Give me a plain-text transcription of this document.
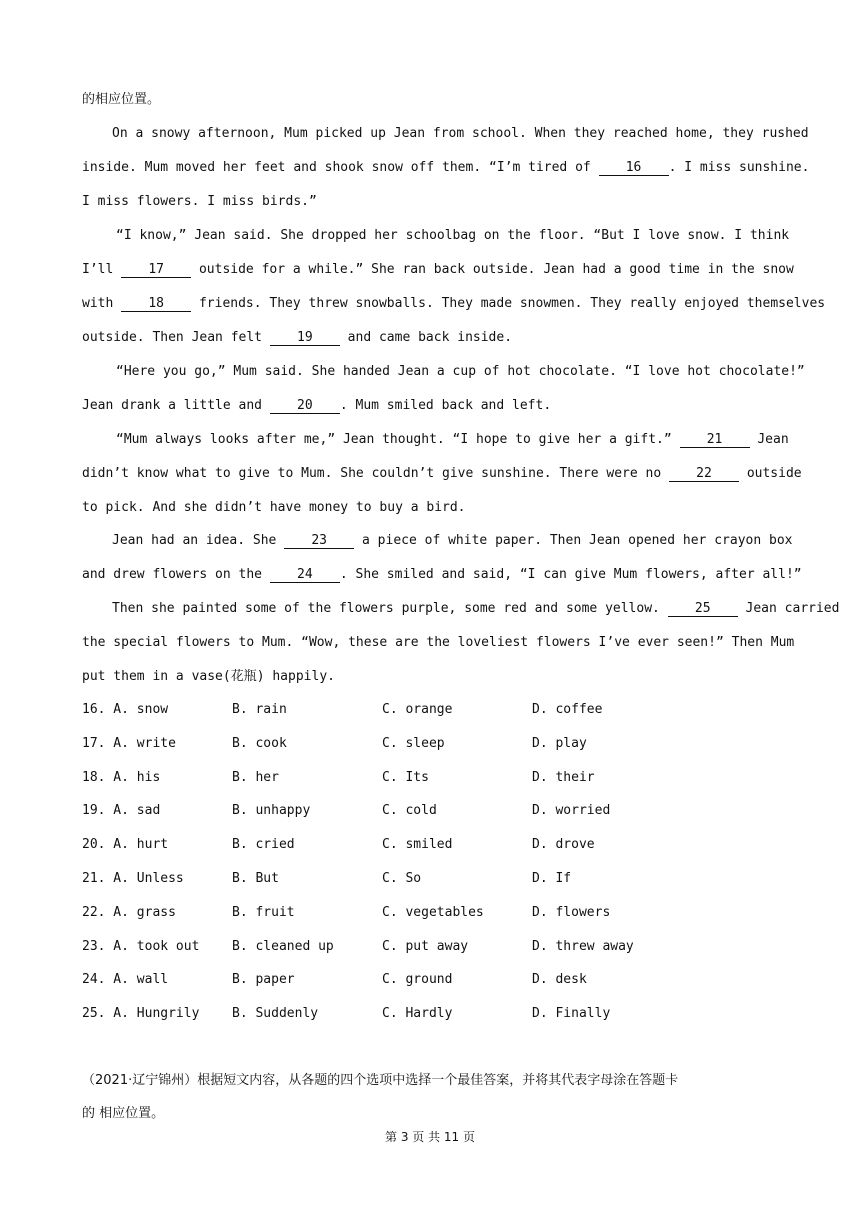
的相应位置。
On a snowy afternoon, Mum picked up Jean from school. When they reached home, they rushed
inside. Mum moved her feet and shook snow off them. “I’m tired of 16 . I miss sunshine.
I miss flowers. I miss birds.”
“I know,” Jean said. She dropped her schoolbag on the floor. “But I love snow. I think
I’ll 17 outside for a while.” She ran back outside. Jean had a good time in the snow
with 18 friends. They threw snowballs. They made snowmen. They really enjoyed themselves
outside. Then Jean felt 19 and came back inside.
“Here you go,” Mum said. She handed Jean a cup of hot chocolate. “I love hot chocolate!”
Jean drank a little and 20 . Mum smiled back and left.
“Mum always looks after me,” Jean thought. “I hope to give her a gift.” 21 Jean
didn’t know what to give to Mum. She couldn’t give sunshine. There were no 22 outside
to pick. And she didn’t have money to buy a bird.
Jean had an idea. She 23 a piece of white paper. Then Jean opened her crayon box
and drew flowers on the 24 . She smiled and said, “I can give Mum flowers, after all!”
Then she painted some of the flowers purple, some red and some yellow. 25 Jean carried
the special flowers to Mum. “Wow, these are the loveliest flowers I’ve ever seen!” Then Mum
put them in a vase(花瓶) happily.
16. A. snow	B. rain	C. orange	D. coffee
17. A. write	B. cook	C. sleep	D. play
18. A. his	B. her	C. Its	D. their
19. A. sad	B. unhappy	C. cold	D. worried
20. A. hurt	B. cried	C. smiled	D. drove
21. A. Unless	B. But	C. So	D. If
22. A. grass	B. fruit	C. vegetables	D. flowers
23. A. took out	B. cleaned up	C. put away	D. threw away
24. A. wall	B. paper	C. ground	D. desk
25. A. Hungrily	B. Suddenly	C. Hardly	D. Finally
（2021·辽宁锦州）根据短文内容，从各题的四个选项中选择一个最佳答案，并将其代表字母涂在答题卡
的 相应位置。
第 3 页 共 11 页
